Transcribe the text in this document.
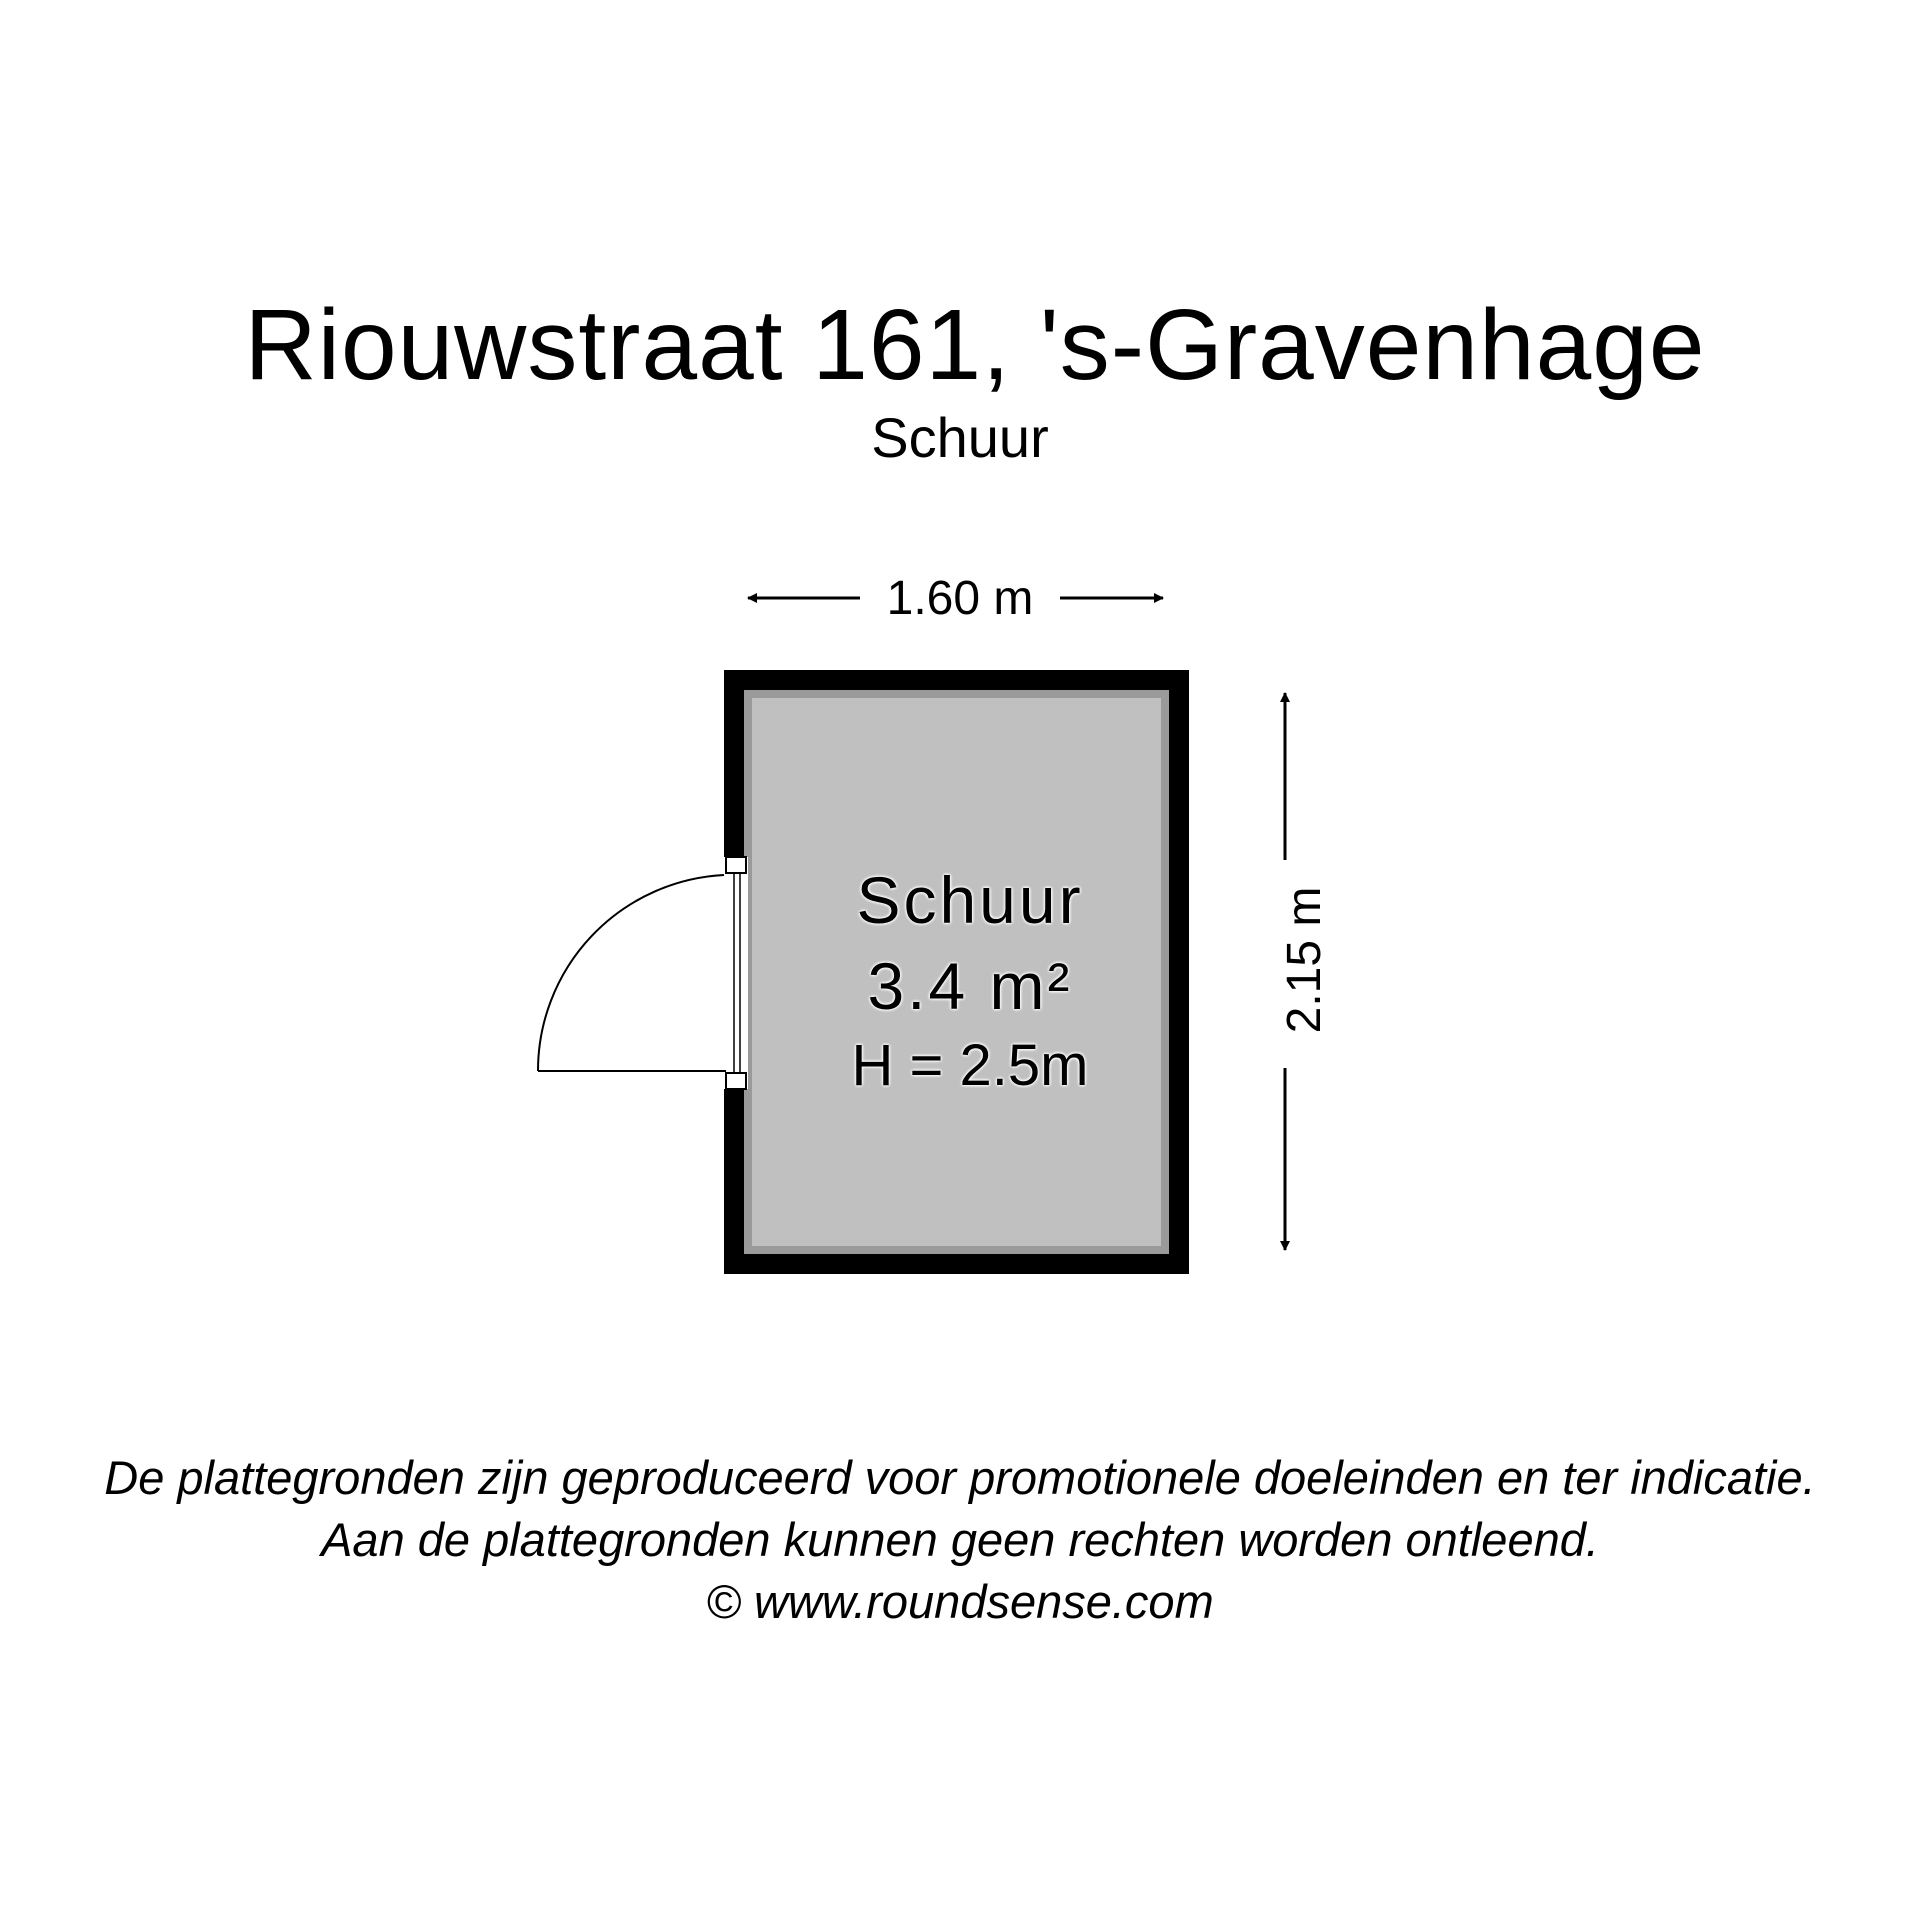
Riouwstraat 161, 's-Gravenhage
Schuur
1.60 m
2.15 m
Schuur
3.4 m²
H = 2.5m
De plattegronden zijn geproduceerd voor promotionele doeleinden en ter indicatie.
Aan de plattegronden kunnen geen rechten worden ontleend.
© www.roundsense.com
